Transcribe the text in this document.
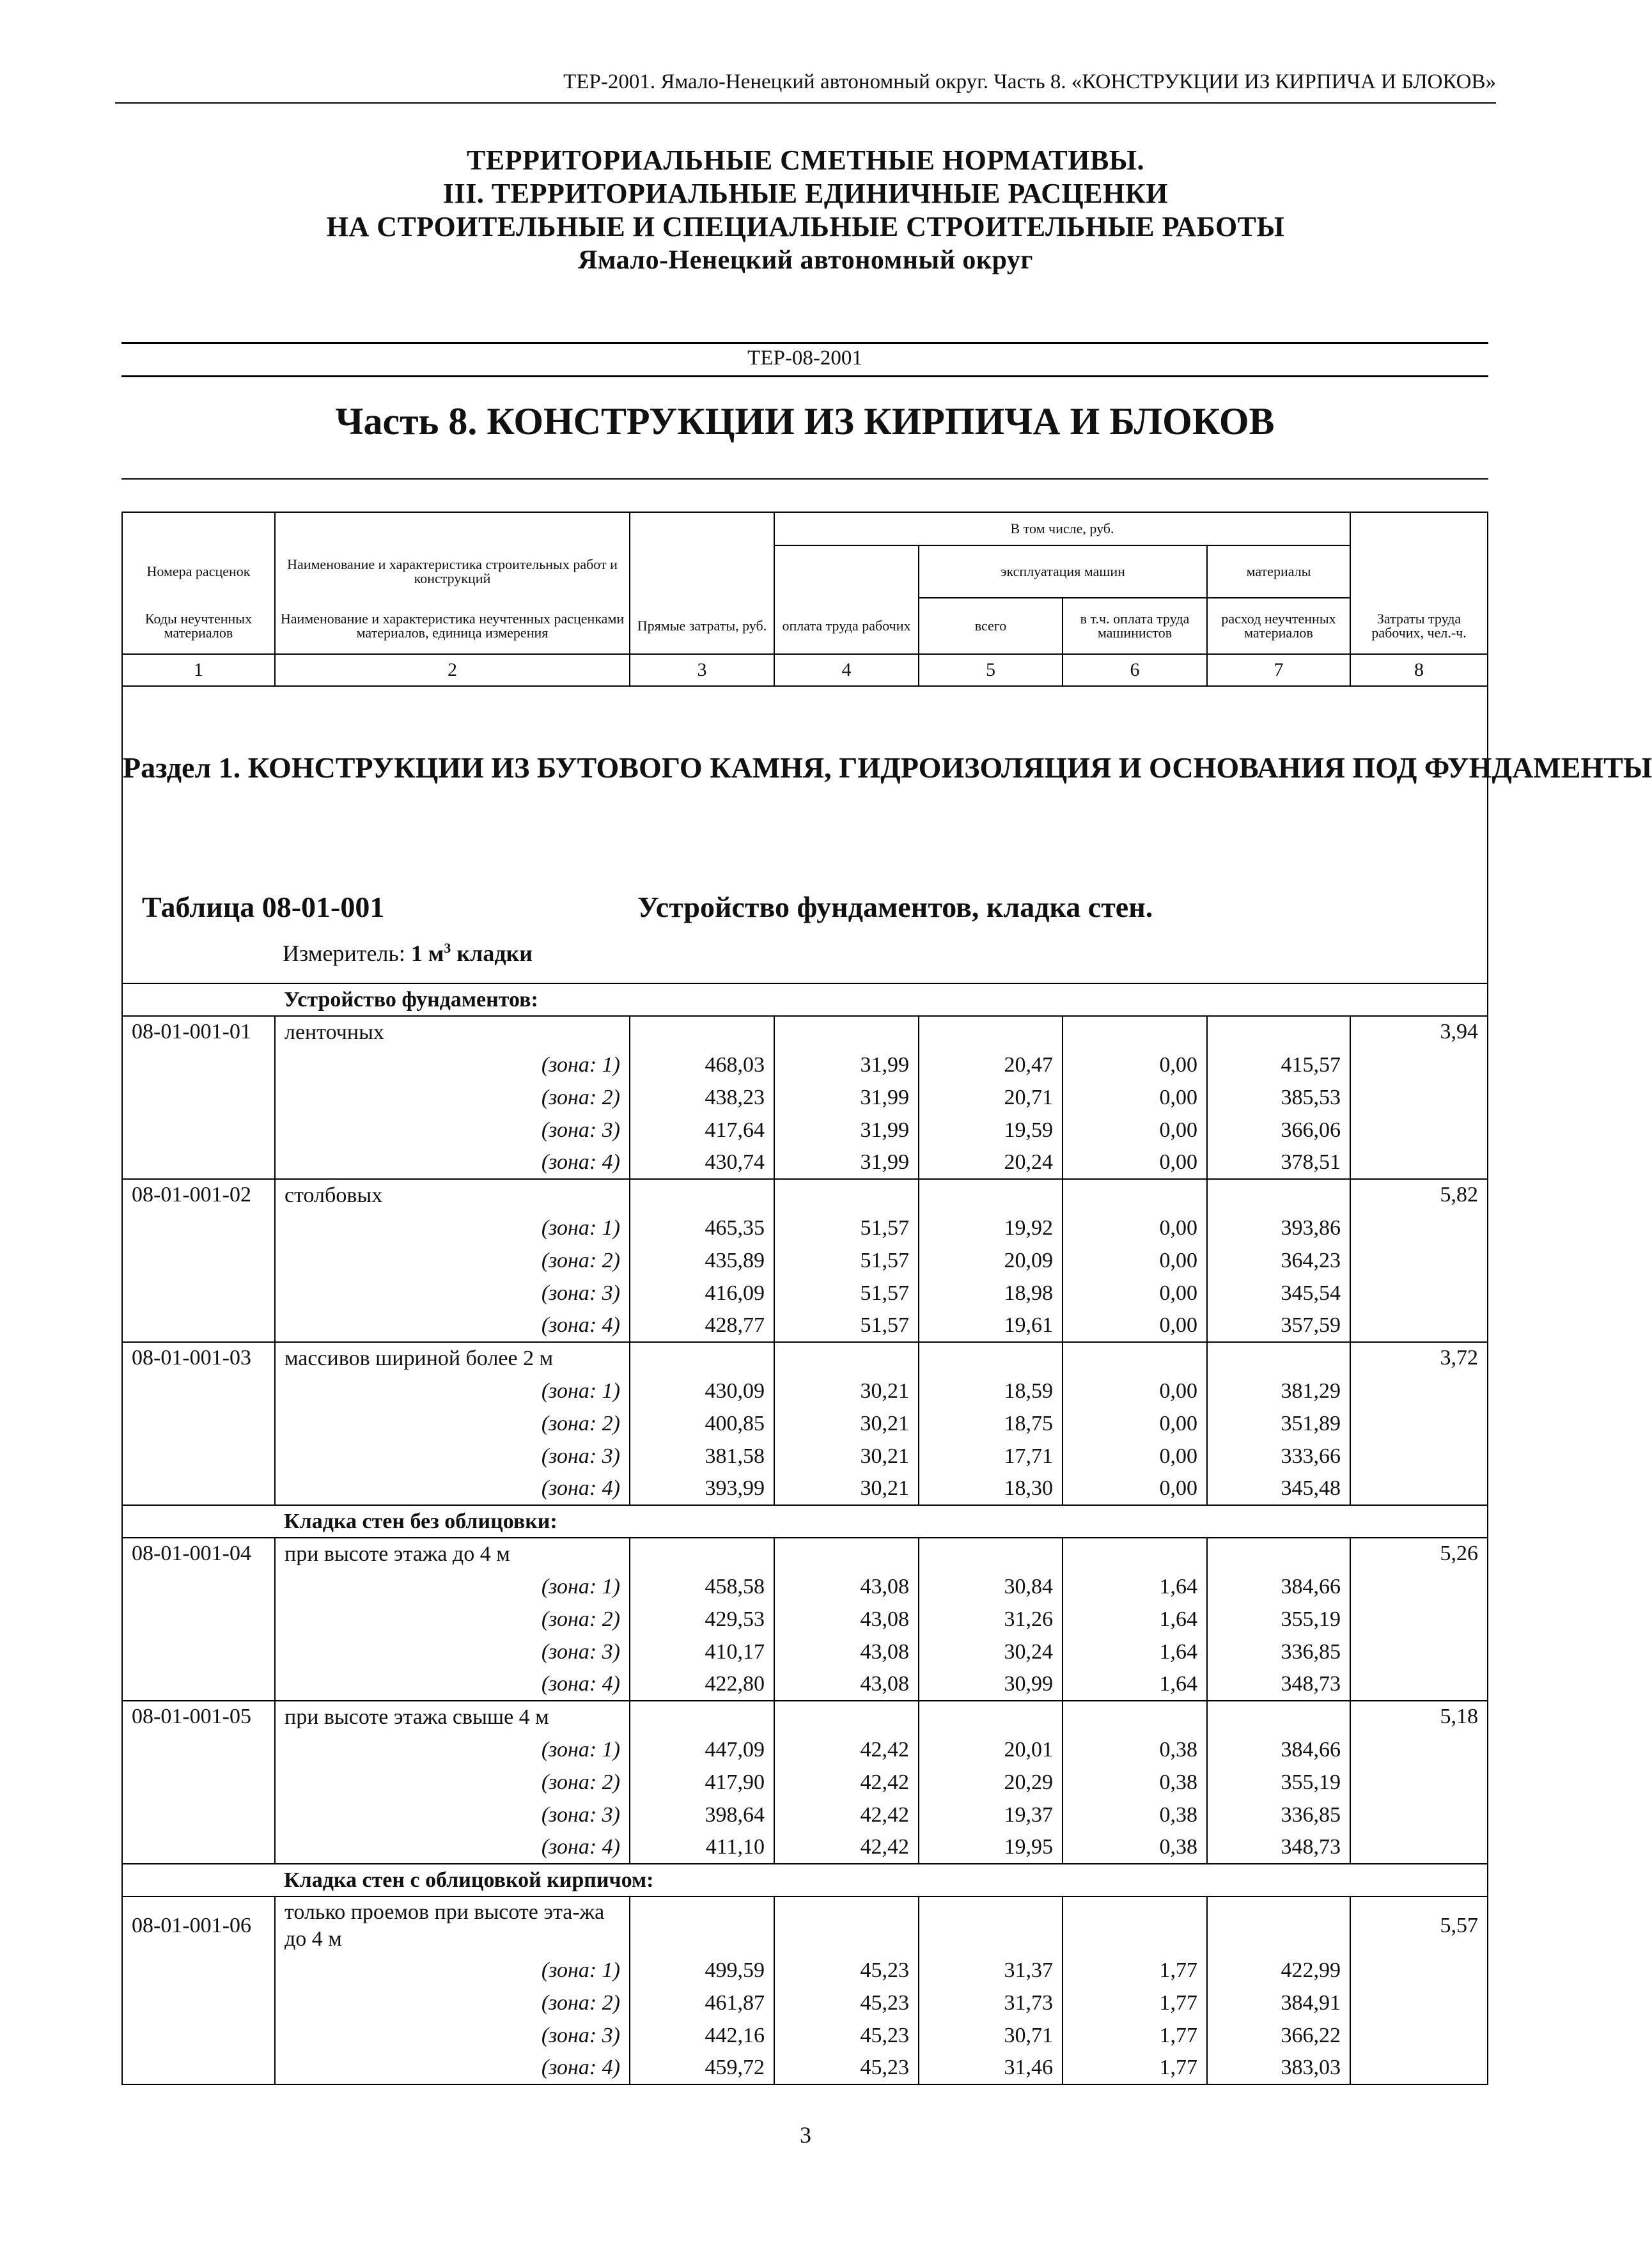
ТЕР-2001. Ямало-Ненецкий автономный округ. Часть 8. «КОНСТРУКЦИИ ИЗ КИРПИЧА И БЛОКОВ»
ТЕРРИТОРИАЛЬНЫЕ СМЕТНЫЕ НОРМАТИВЫ.
III. ТЕРРИТОРИАЛЬНЫЕ ЕДИНИЧНЫЕ РАСЦЕНКИ
НА СТРОИТЕЛЬНЫЕ И СПЕЦИАЛЬНЫЕ СТРОИТЕЛЬНЫЕ РАБОТЫ
Ямало-Ненецкий автономный округ
ТЕР-08-2001
Часть 8. КОНСТРУКЦИИ ИЗ КИРПИЧА И БЛОКОВ
			В том числе, руб.				
Номера расценок	Наименование и характеристика строительных работ и конструкций			эксплуатация машин		материалы	
Коды неучтенных материалов	Наименование и характеристика неучтенных расценками материалов, единица измерения	Прямые затраты, руб.	оплата труда рабочих	всего	в т.ч. оплата труда машинистов	расход неучтенных материалов	Затраты труда рабочих, чел.-ч.
1	2	3	4	5	6	7	8

Раздел 1. КОНСТРУКЦИИ ИЗ БУТОВОГО КАМНЯ, ГИДРОИЗОЛЯЦИЯ И ОСНОВАНИЯ ПОД ФУНДАМЕНТЫ
Таблица 08-01-001 Устройство фундаментов, кладка стен.
Измеритель: 1 $м^3$ кладки							

	Устройство фундаментов:						
08-01-001-01	ленточных						3,94
	(зона: 1)	468,03	31,99	20,47	0,00	415,57	
	(зона: 2)	438,23	31,99	20,71	0,00	385,53	
	(зона: 3)	417,64	31,99	19,59	0,00	366,06	
	(зона: 4)	430,74	31,99	20,24	0,00	378,51	
08-01-001-02	столбовых						5,82
	(зона: 1)	465,35	51,57	19,92	0,00	393,86	
	(зона: 2)	435,89	51,57	20,09	0,00	364,23	
	(зона: 3)	416,09	51,57	18,98	0,00	345,54	
	(зона: 4)	428,77	51,57	19,61	0,00	357,59	
08-01-001-03	массивов шириной более 2 м						3,72
	(зона: 1)	430,09	30,21	18,59	0,00	381,29	
	(зона: 2)	400,85	30,21	18,75	0,00	351,89	
	(зона: 3)	381,58	30,21	17,71	0,00	333,66	
	(зона: 4)	393,99	30,21	18,30	0,00	345,48	
	Кладка стен без облицовки:						
08-01-001-04	при высоте этажа до 4 м						5,26
	(зона: 1)	458,58	43,08	30,84	1,64	384,66	
	(зона: 2)	429,53	43,08	31,26	1,64	355,19	
	(зона: 3)	410,17	43,08	30,24	1,64	336,85	
	(зона: 4)	422,80	43,08	30,99	1,64	348,73	
08-01-001-05	при высоте этажа свыше 4 м						5,18
	(зона: 1)	447,09	42,42	20,01	0,38	384,66	
	(зона: 2)	417,90	42,42	20,29	0,38	355,19	
	(зона: 3)	398,64	42,42	19,37	0,38	336,85	
	(зона: 4)	411,10	42,42	19,95	0,38	348,73	
	Кладка стен с облицовкой кирпичом:						
08-01-001-06	только проемов при высоте эта-жа до 4 м						5,57
	(зона: 1)	499,59	45,23	31,37	1,77	422,99	
	(зона: 2)	461,87	45,23	31,73	1,77	384,91	
	(зона: 3)	442,16	45,23	30,71	1,77	366,22	
	(зона: 4)	459,72	45,23	31,46	1,77	383,03	
3
